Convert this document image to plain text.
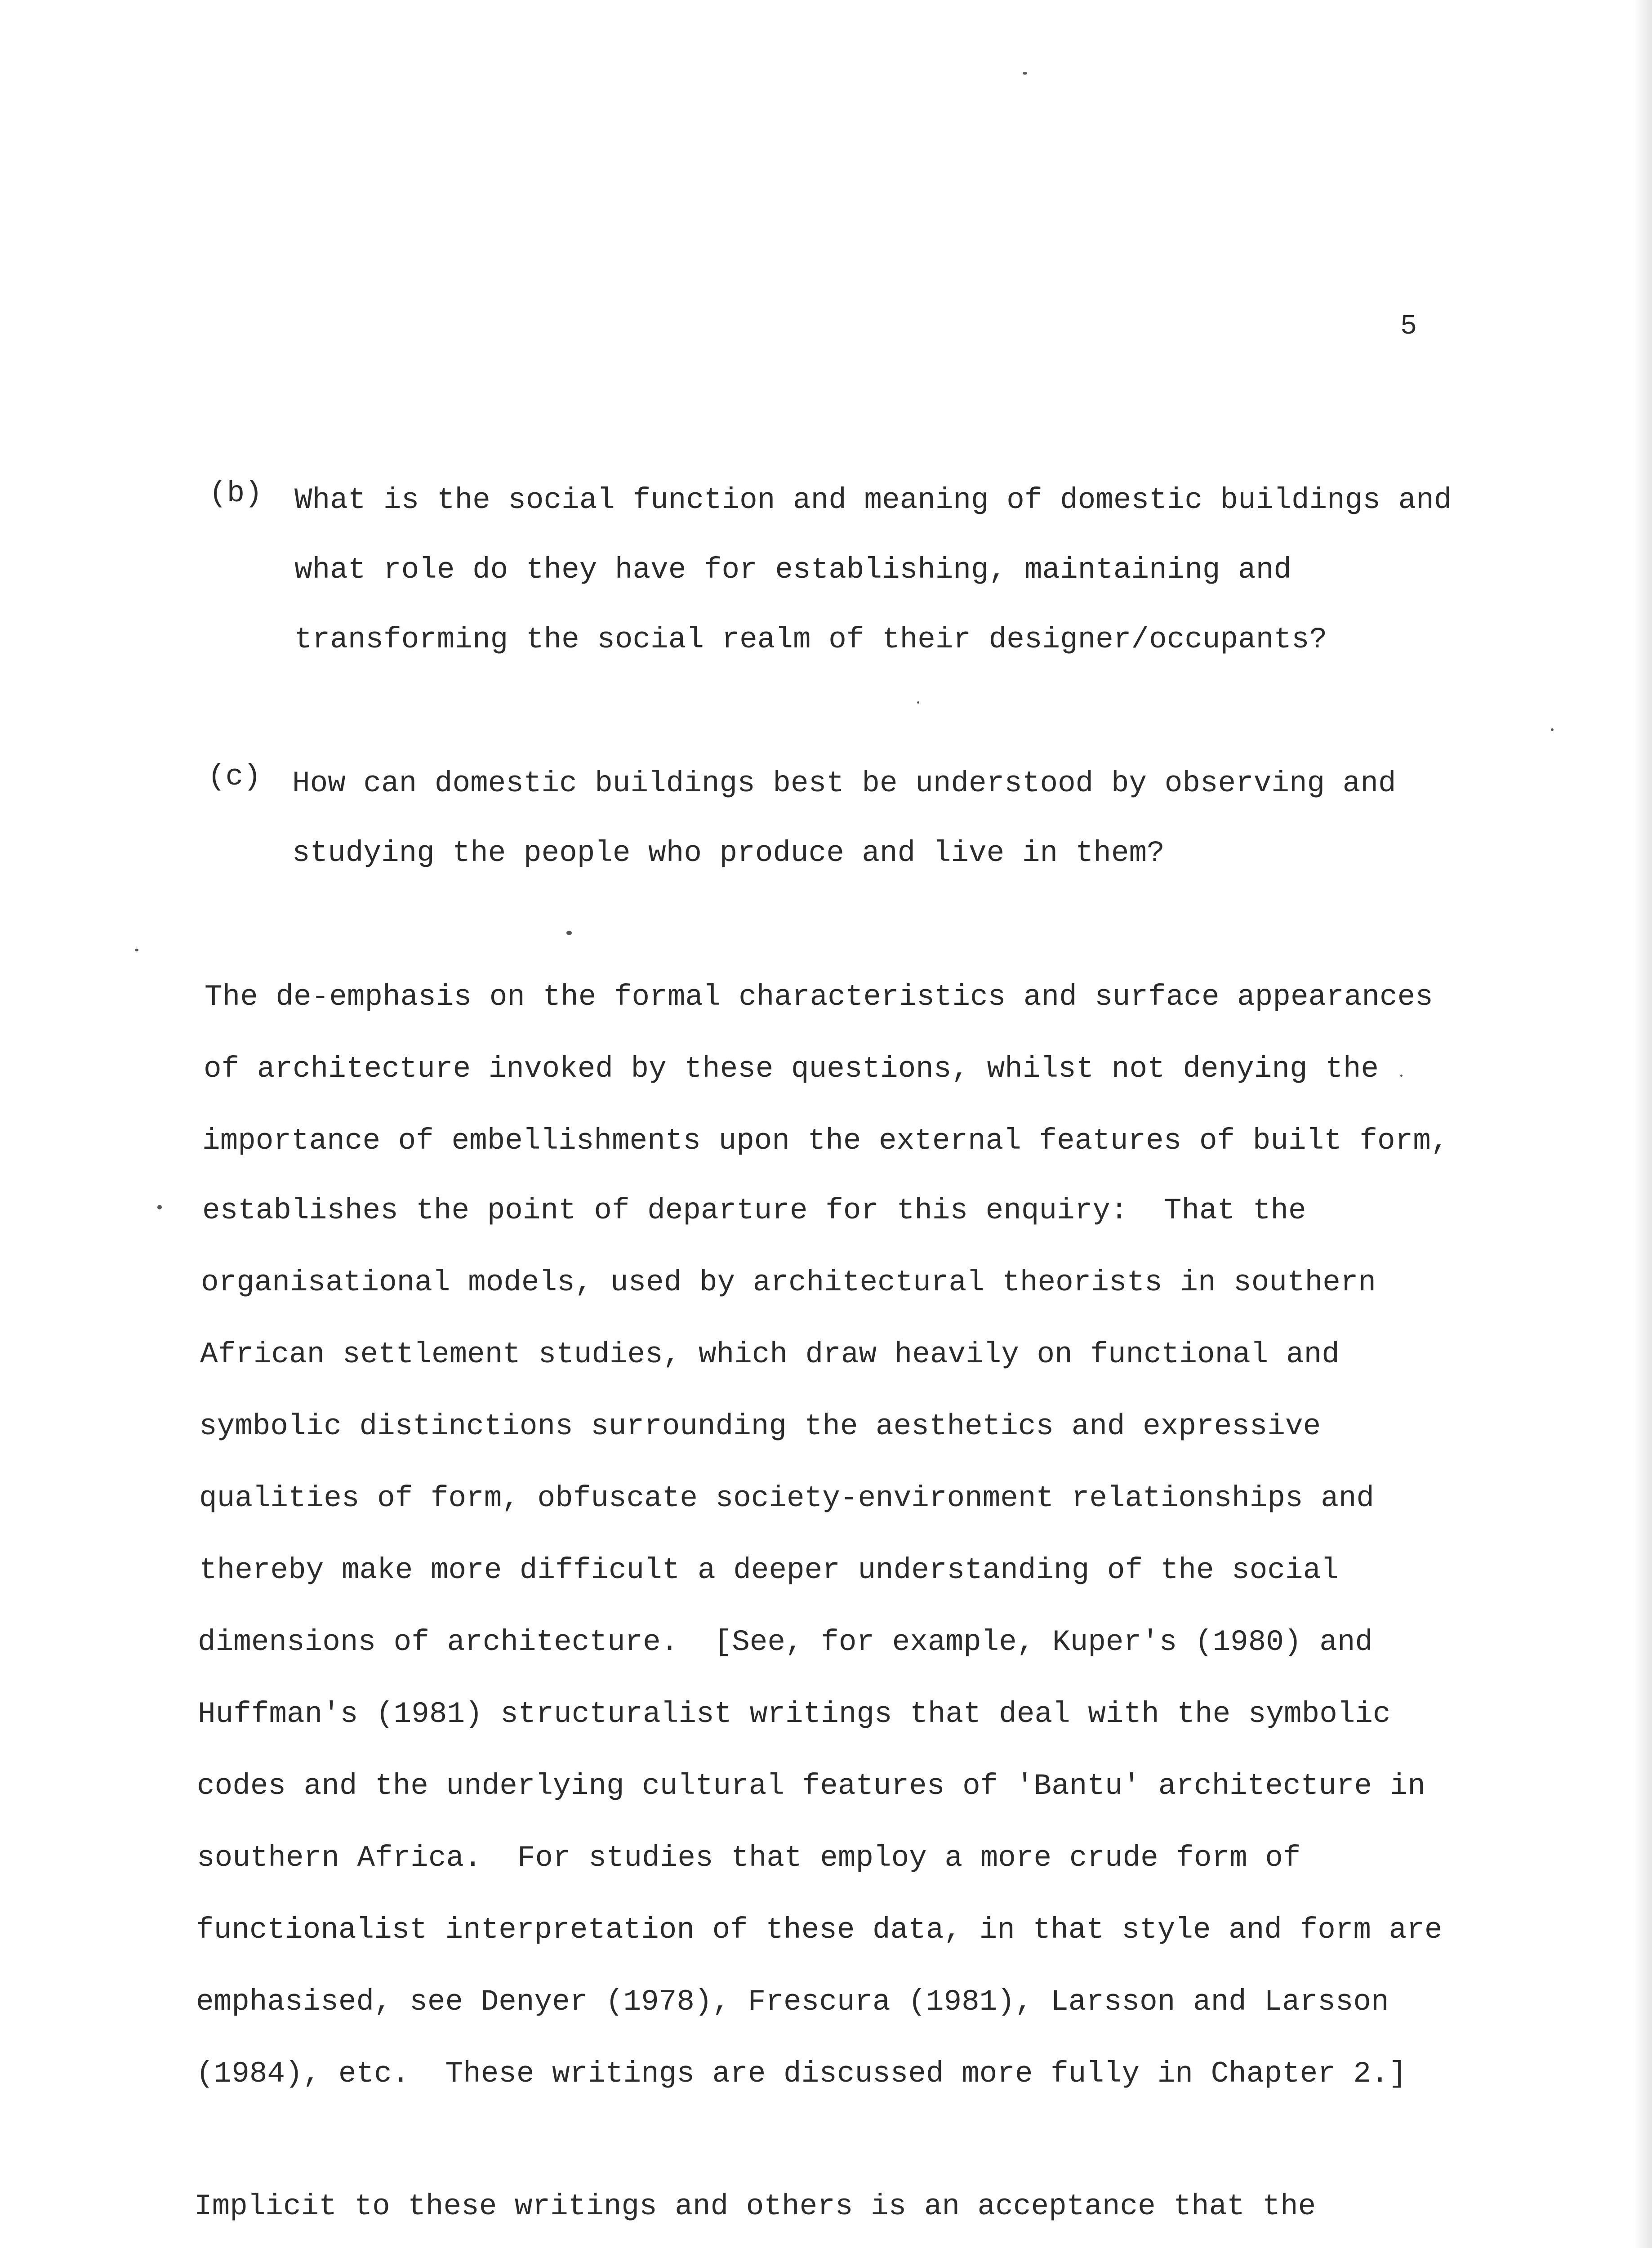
5
(b) What is the social function and meaning of domestic buildings and
what role do they have for establishing, maintaining and
transforming the social realm of their designer/occupants?
(c) How can domestic buildings best be understood by observing and
studying the people who produce and live in them?
The de-emphasis on the formal characteristics and surface appearances
of architecture invoked by these questions, whilst not denying the
importance of embellishments upon the external features of built form,
establishes the point of departure for this enquiry:  That the
organisational models, used by architectural theorists in southern
African settlement studies, which draw heavily on functional and
symbolic distinctions surrounding the aesthetics and expressive
qualities of form, obfuscate society-environment relationships and
thereby make more difficult a deeper understanding of the social
dimensions of architecture.  [See, for example, Kuper's (1980) and
Huffman's (1981) structuralist writings that deal with the symbolic
codes and the underlying cultural features of 'Bantu' architecture in
southern Africa.  For studies that employ a more crude form of
functionalist interpretation of these data, in that style and form are
emphasised, see Denyer (1978), Frescura (1981), Larsson and Larsson
(1984), etc.  These writings are discussed more fully in Chapter 2.]
Implicit to these writings and others is an acceptance that the
